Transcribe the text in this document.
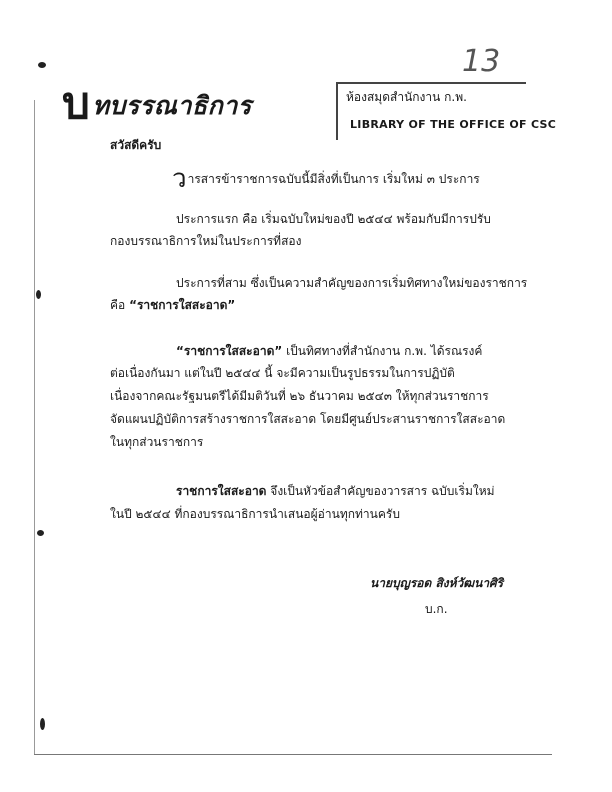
13
บทบรรณาธิการ	ห้องสมุดสำนักงาน ก.พ.
LIBRARY OF THE OFFICE OF CSC
สวัสดีครับ
วารสารข้าราชการฉบับนี้มีสิ่งที่เป็นการ เริ่มใหม่ ๓ ประการ
ประการแรก คือ เริ่มฉบับใหม่ของปี ๒๕๔๔ พร้อมกับมีการปรับ
กองบรรณาธิการใหม่ในประการที่สอง
ประการที่สาม ซึ่งเป็นความสำคัญของการเริ่มทิศทางใหม่ของราชการ
คือ “ราชการใสสะอาด”
“ราชการใสสะอาด” เป็นทิศทางที่สำนักงาน ก.พ. ได้รณรงค์
ต่อเนื่องกันมา แต่ในปี ๒๕๔๔ นี้ จะมีความเป็นรูปธรรมในการปฏิบัติ
เนื่องจากคณะรัฐมนตรีได้มีมติวันที่ ๒๖ ธันวาคม ๒๕๔๓ ให้ทุกส่วนราชการ
จัดแผนปฏิบัติการสร้างราชการใสสะอาด โดยมีศูนย์ประสานราชการใสสะอาด
ในทุกส่วนราชการ
ราชการใสสะอาด จึงเป็นหัวข้อสำคัญของวารสาร ฉบับเริ่มใหม่
ในปี ๒๕๔๔ ที่กองบรรณาธิการนำเสนอผู้อ่านทุกท่านครับ
นายบุญรอด สิงห์วัฒนาศิริ
บ.ก.
